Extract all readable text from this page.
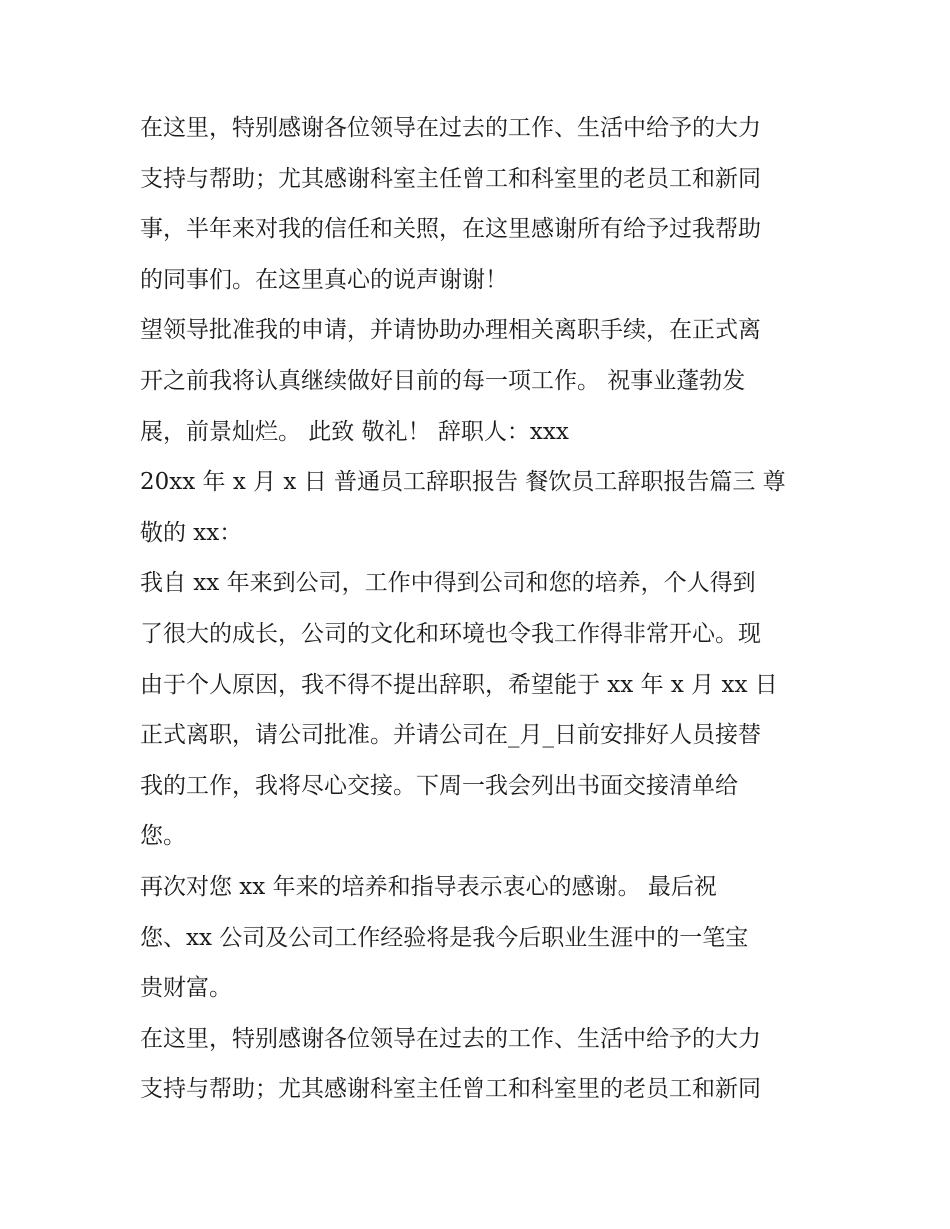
在这里，特别感谢各位领导在过去的工作、生活中给予的大力

支持与帮助；尤其感谢科室主任曾工和科室里的老员工和新同

事，半年来对我的信任和关照，在这里感谢所有给予过我帮助

的同事们。在这里真心的说声谢谢！

望领导批准我的申请，并请协助办理相关离职手续，在正式离

开之前我将认真继续做好目前的每一项工作。 祝事业蓬勃发

展，前景灿烂。 此致 敬礼！ 辞职人：xxx

20xx 年 x 月 x 日 普通员工辞职报告 餐饮员工辞职报告篇三 尊

敬的 xx：

我自 xx 年来到公司，工作中得到公司和您的培养，个人得到

了很大的成长，公司的文化和环境也令我工作得非常开心。现

由于个人原因，我不得不提出辞职，希望能于 xx 年 x 月 xx 日

正式离职，请公司批准。并请公司在_月_日前安排好人员接替

我的工作，我将尽心交接。下周一我会列出书面交接清单给

您。

再次对您 xx 年来的培养和指导表示衷心的感谢。 最后祝

您、xx 公司及公司工作经验将是我今后职业生涯中的一笔宝

贵财富。

在这里，特别感谢各位领导在过去的工作、生活中给予的大力

支持与帮助；尤其感谢科室主任曾工和科室里的老员工和新同
